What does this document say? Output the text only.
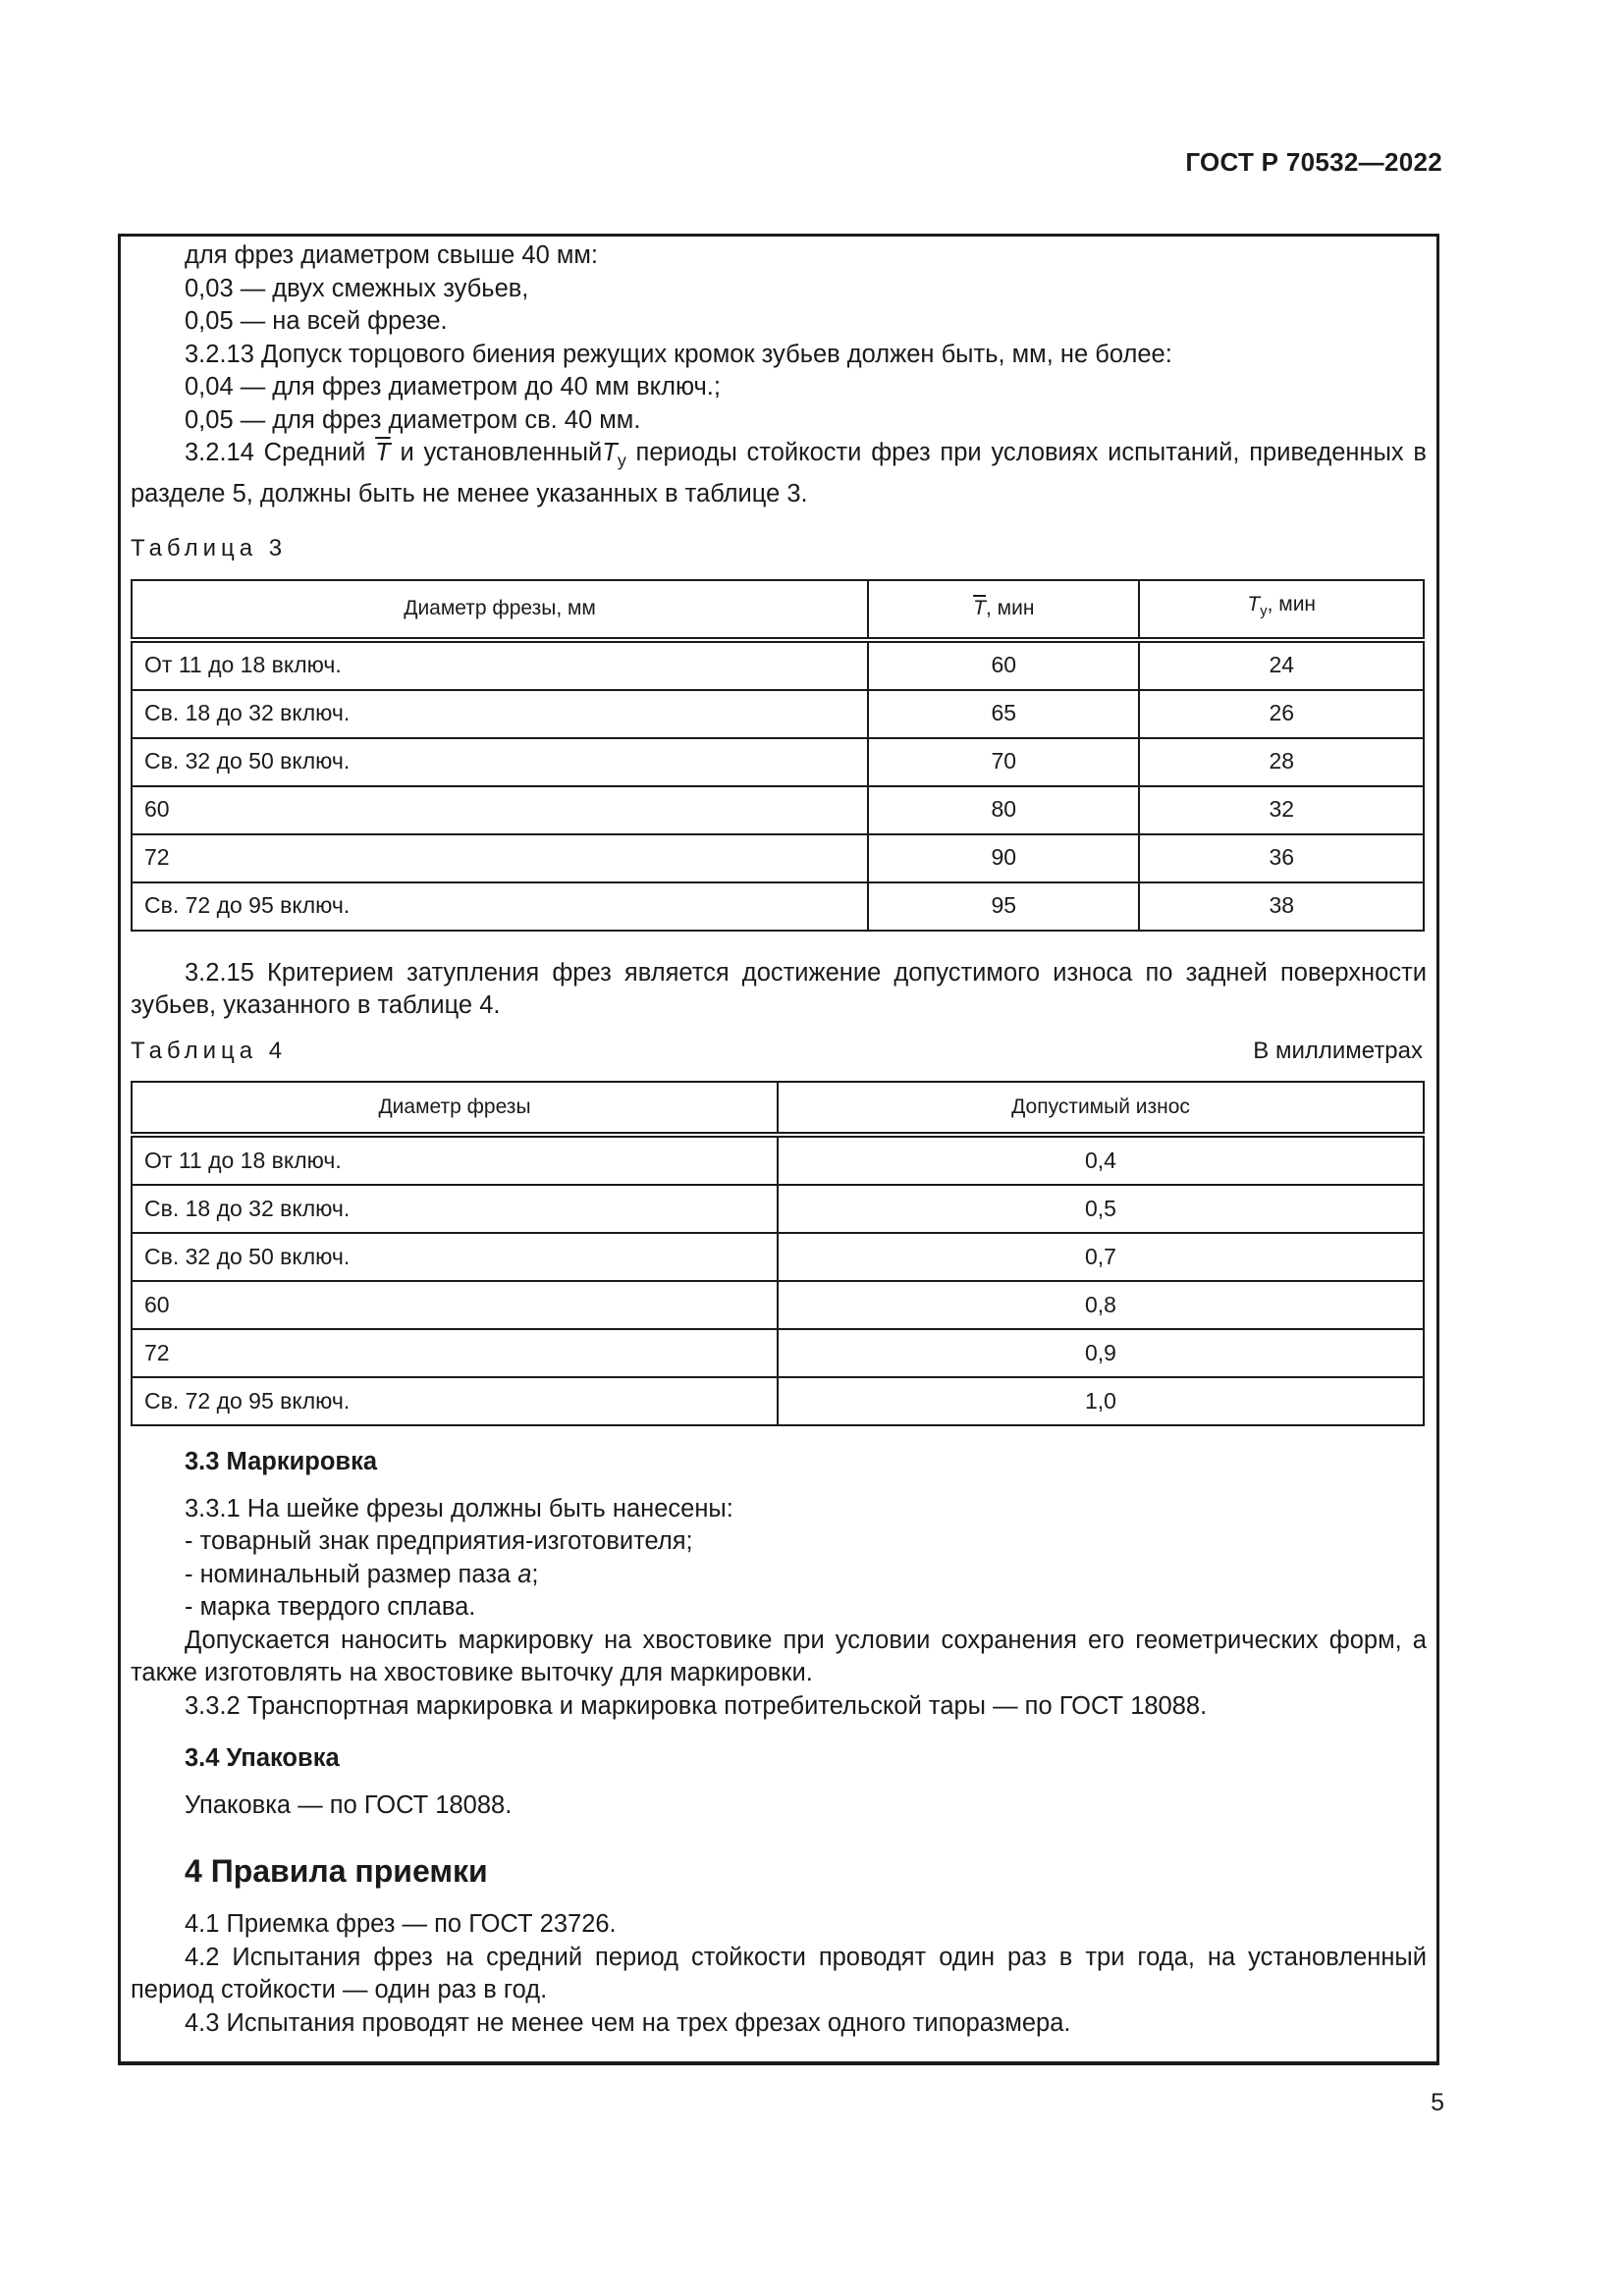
ГОСТ Р 70532—2022

для фрез диаметром свыше 40 мм:

0,03 — двух смежных зубьев,

0,05 — на всей фрезе.

3.2.13 Допуск торцового биения режущих кромок зубьев должен быть, мм, не более:

0,04 — для фрез диаметром до 40 мм включ.;

0,05 — для фрез диаметром св. 40 мм.

3.2.14 Средний $\overline{T}$ и установленныйT$_у$ периоды стойкости фрез при условиях испытаний, приведенных в разделе 5, должны быть не менее указанных в таблице 3.

Таблица 3
Диаметр фрезы, мм	$\overline{T}$, мин	$T_у$, мин
От 11 до 18 включ.	60	24
Св. 18 до 32 включ.	65	26
Св. 32 до 50 включ.	70	28
60	80	32
72	90	36
Св. 72 до 95 включ.	95	38

3.2.15 Критерием затупления фрез является достижение допустимого износа по задней поверхности зубьев, указанного в таблице 4.

Таблица 4	В миллиметрах
Диаметр фрезы	Допустимый износ
От 11 до 18 включ.	0,4
Св. 18 до 32 включ.	0,5
Св. 32 до 50 включ.	0,7
60	0,8
72	0,9
Св. 72 до 95 включ.	1,0

3.3 Маркировка

3.3.1 На шейке фрезы должны быть нанесены:

- товарный знак предприятия-изготовителя;

- номинальный размер паза a;

- марка твердого сплава.

Допускается наносить маркировку на хвостовике при условии сохранения его геометрических форм, а также изготовлять на хвостовике выточку для маркировки.

3.3.2 Транспортная маркировка и маркировка потребительской тары — по ГОСТ 18088.

3.4 Упаковка

Упаковка — по ГОСТ 18088.

4 Правила приемки

4.1 Приемка фрез — по ГОСТ 23726.

4.2 Испытания фрез на средний период стойкости проводят один раз в три года, на установленный период стойкости — один раз в год.

4.3 Испытания проводят не менее чем на трех фрезах одного типоразмера.

5
